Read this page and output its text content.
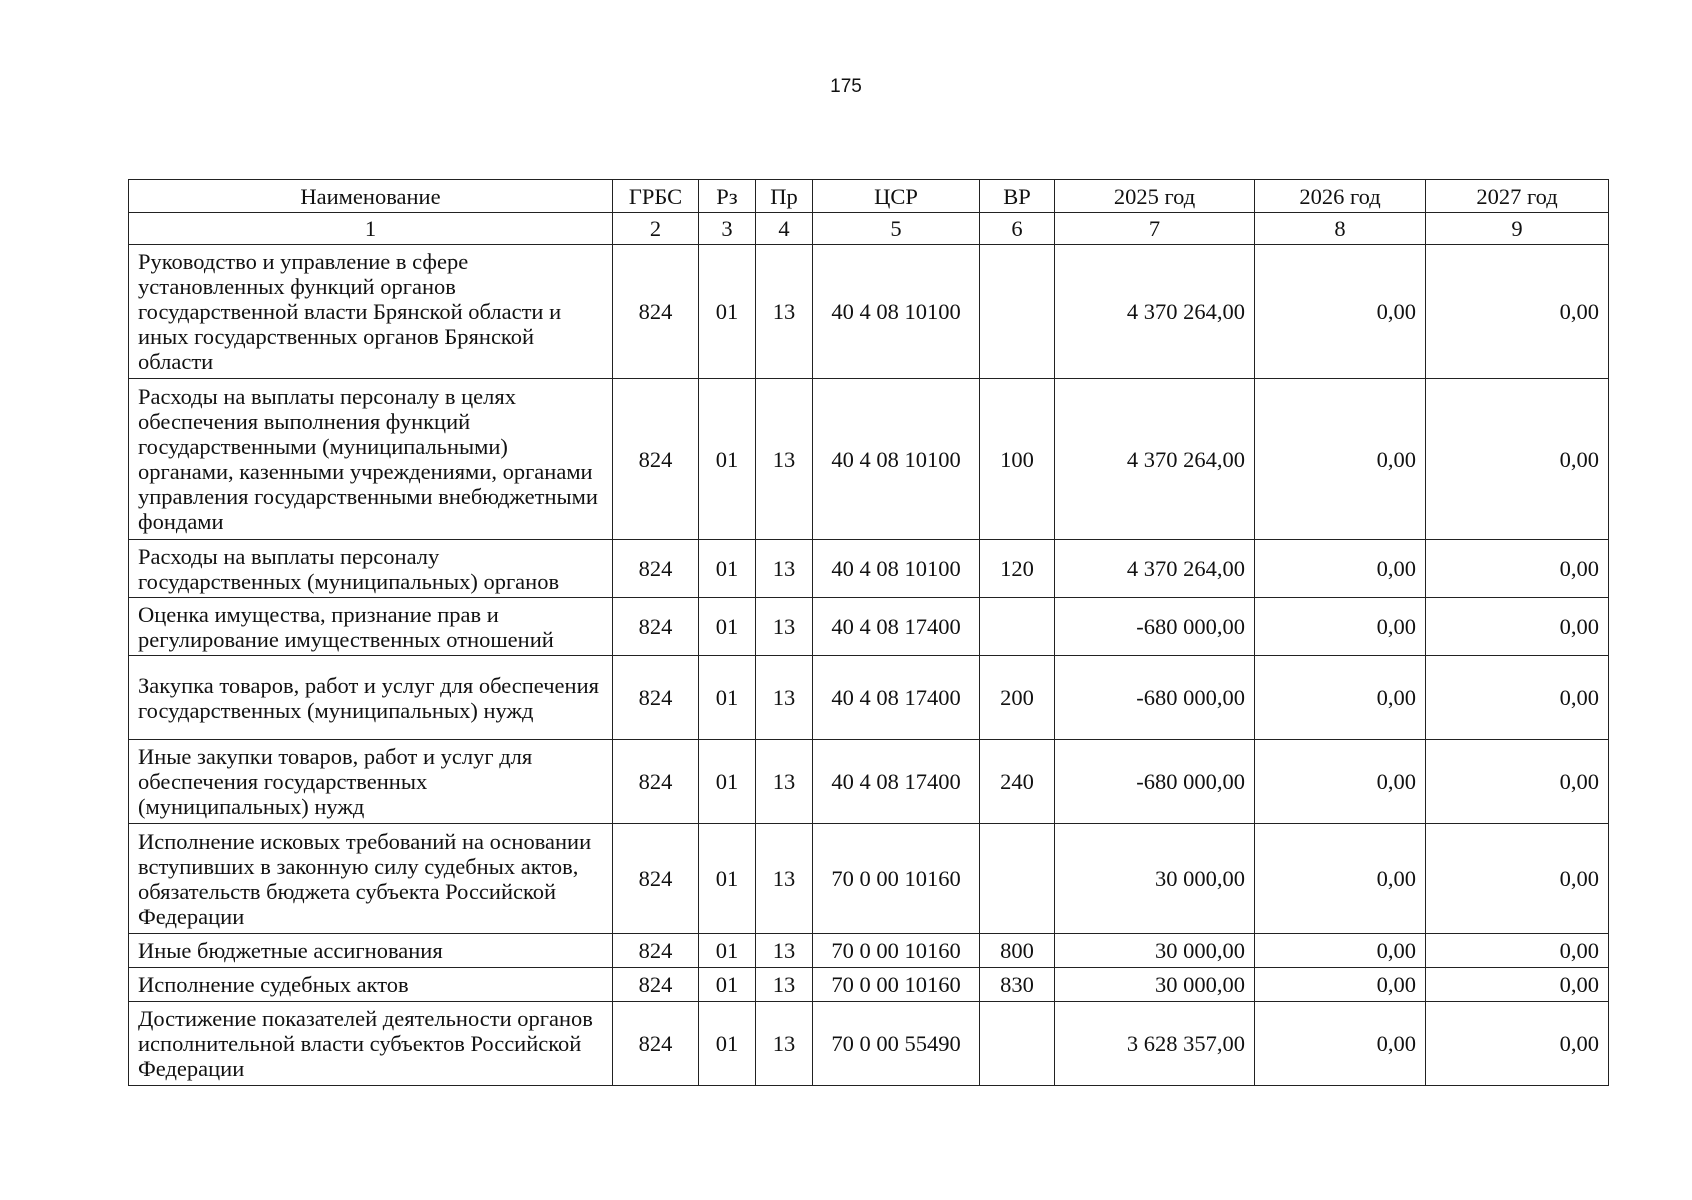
175
Наименование	ГРБС	Рз	Пр	ЦСР	ВР	2025 год	2026 год	2027 год
1	2	3	4	5	6	7	8	9
Руководство и управление в сфере установленных функций органов государственной власти Брянской области и иных государственных органов Брянской области	824	01	13	40 4 08 10100		4 370 264,00	0,00	0,00
Расходы на выплаты персоналу в целях обеспечения выполнения функций государственными (муниципальными) органами, казенными учреждениями, органами управления государственными внебюджетными фондами	824	01	13	40 4 08 10100	100	4 370 264,00	0,00	0,00
Расходы на выплаты персоналу государственных (муниципальных) органов	824	01	13	40 4 08 10100	120	4 370 264,00	0,00	0,00
Оценка имущества, признание прав и регулирование имущественных отношений	824	01	13	40 4 08 17400		-680 000,00	0,00	0,00
Закупка товаров, работ и услуг для обеспечения государственных (муниципальных) нужд	824	01	13	40 4 08 17400	200	-680 000,00	0,00	0,00
Иные закупки товаров, работ и услуг для обеспечения государственных (муниципальных) нужд	824	01	13	40 4 08 17400	240	-680 000,00	0,00	0,00
Исполнение исковых требований на основании вступивших в законную силу судебных актов, обязательств бюджета субъекта Российской Федерации	824	01	13	70 0 00 10160		30 000,00	0,00	0,00
Иные бюджетные ассигнования	824	01	13	70 0 00 10160	800	30 000,00	0,00	0,00
Исполнение судебных актов	824	01	13	70 0 00 10160	830	30 000,00	0,00	0,00
Достижение показателей деятельности органов исполнительной власти субъектов Российской Федерации	824	01	13	70 0 00 55490		3 628 357,00	0,00	0,00
